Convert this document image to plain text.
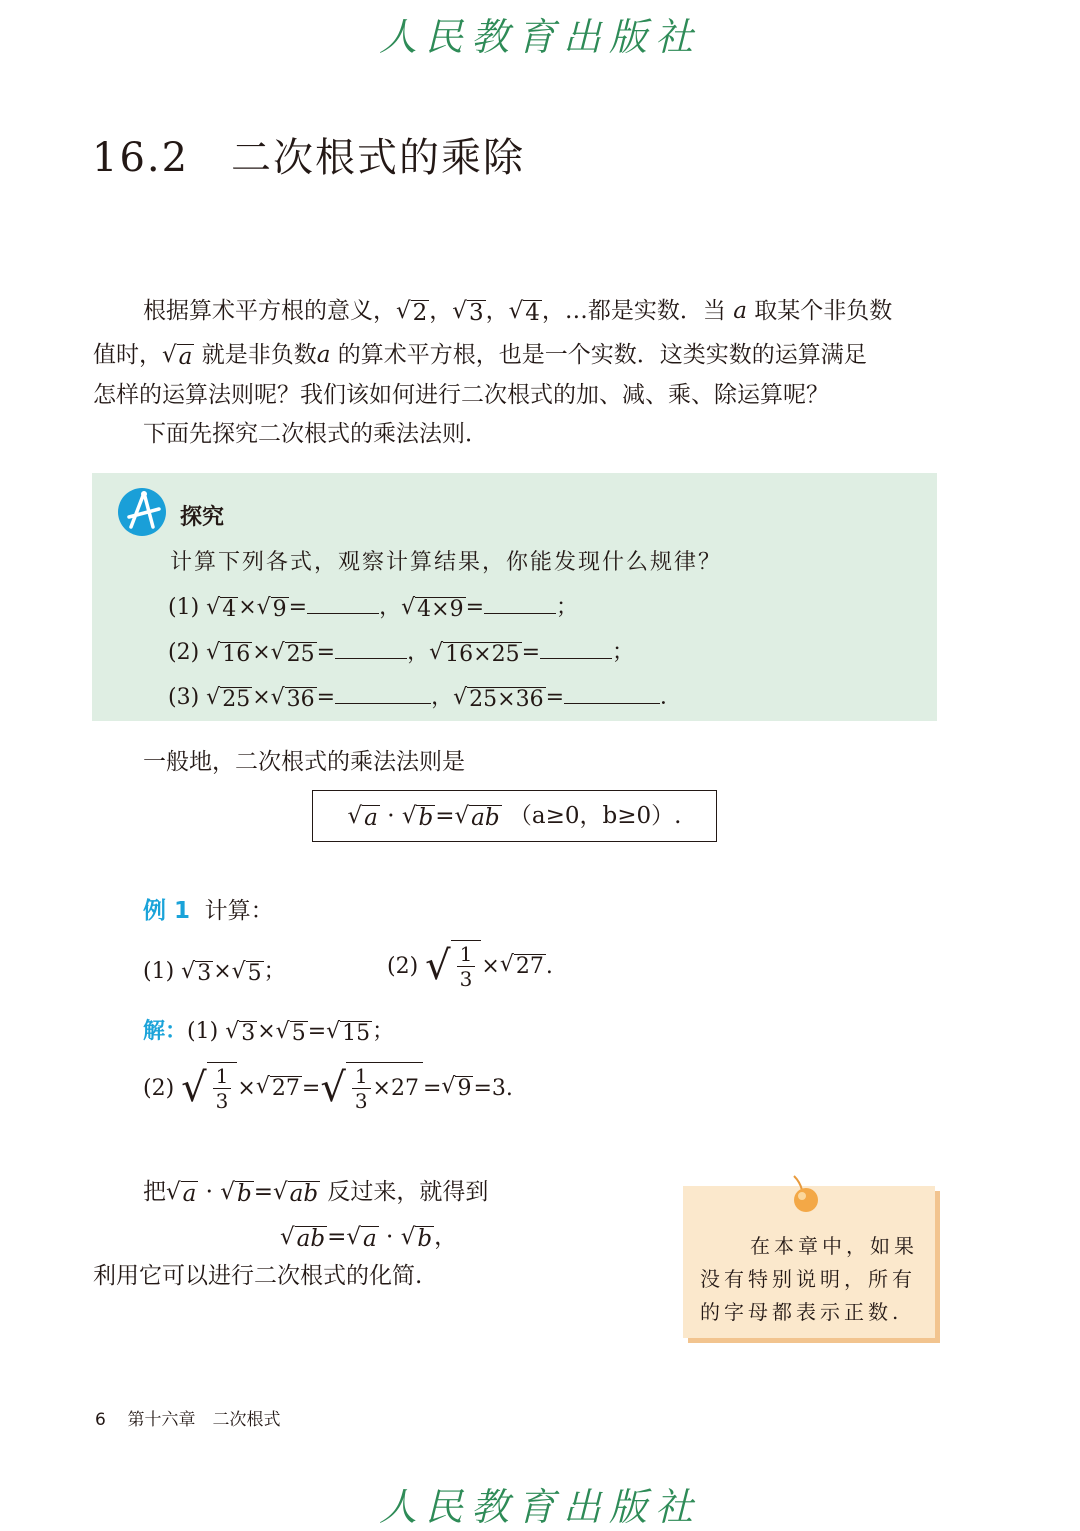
人民教育出版社
16.2　二次根式的乘除
根据算术平方根的意义， √ 2 ， √ 3 ， √ 4 ，…都是实数．当 a 取某个非负数
值时， √ a 就是非负数a 的算术平方根，也是一个实数．这类实数的运算满足
怎样的运算法则呢？我们该如何进行二次根式的加、减、乘、除运算呢？
下面先探究二次根式的乘法法则．
探究
计算下列各式，观察计算结果，你能发现什么规律？
(1) √ 4 × √ 9 =	， √ 4×9 =	；
(2) √ 16 × √ 25 =	， √ 16×25 =	；
(3) √ 25 × √ 36 =	， √ 25×36 =	．
一般地，二次根式的乘法法则是
√ a · √ b = √ ab （a≥0，b≥0）.
例 1 计算：
(1) √ 3 × √ 5 ；	(2)
√ $\frac{1}{3}$ × √ 27 .
解：(1) √ 3 × √ 5 = √ 15 ；
(2)
√ $\frac{1}{3}$ × √ 27 = √ $\frac{1}{3} \times 27$ = √ 9 =3.
把 √ a · √ b = √ ab 反过来，就得到
√ ab = √ a · √ b ，
利用它可以进行二次根式的化简.
在本章中，如果没有特别说明，所有的字母都表示正数.
6 第十六章　二次根式
人民教育出版社
